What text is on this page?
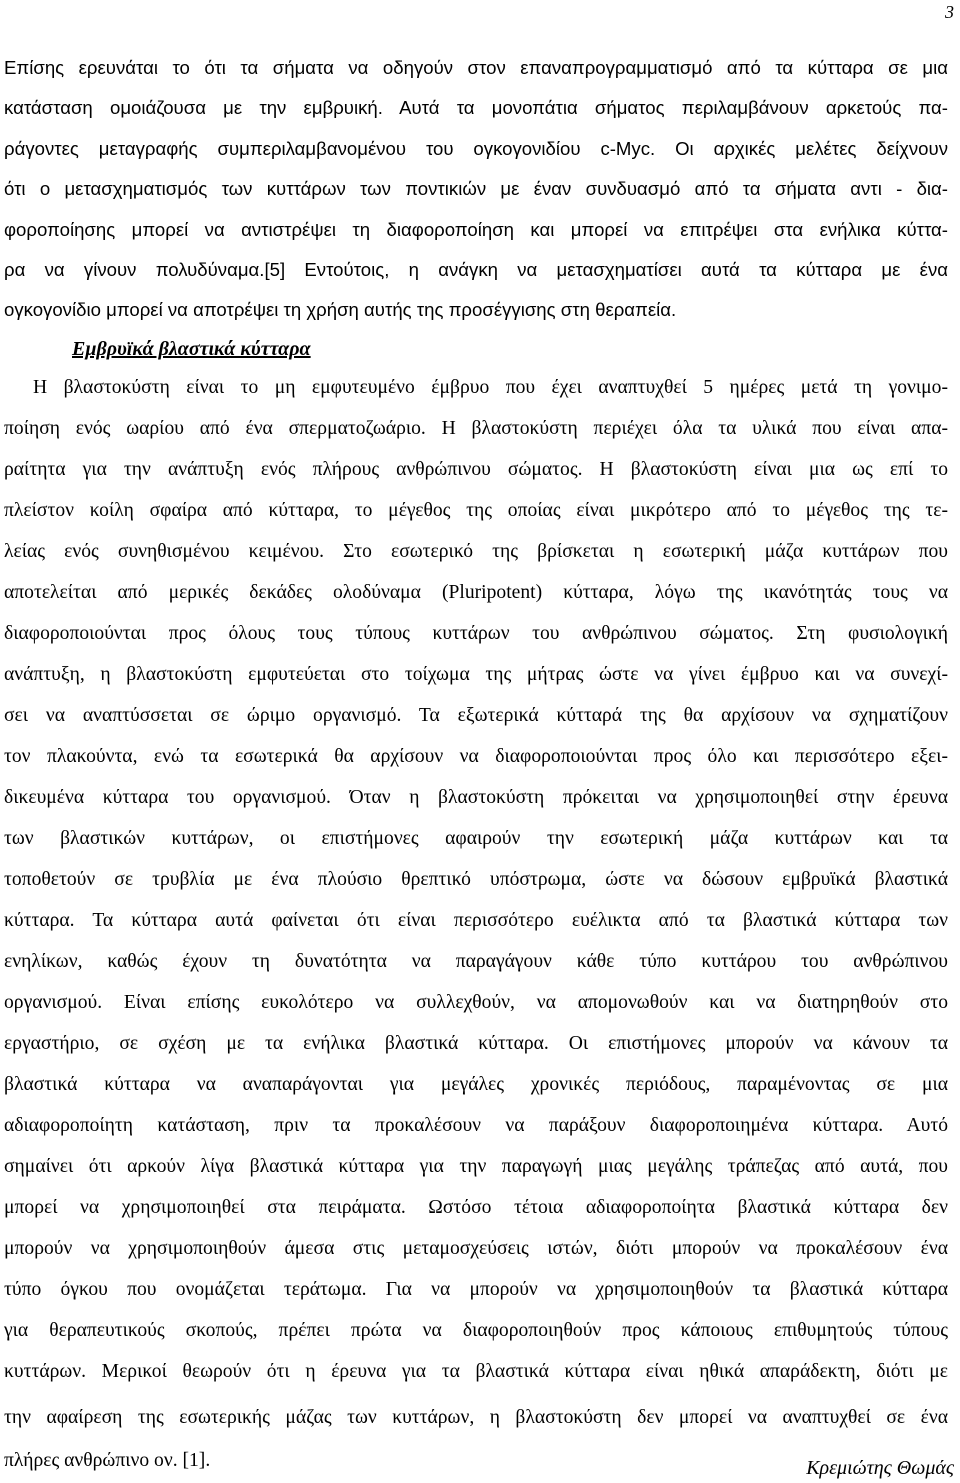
3
Επίσης ερευνάται το ότι τα σήματα να οδηγούν στον επαναπρογραμματισμό από τα κύτταρα σε μια
κατάσταση ομοιάζουσα με την εμβρυική. Αυτά τα μονοπάτια σήματος περιλαμβάνουν αρκετούς πα-
ράγοντες μεταγραφής συμπεριλαμβανομένου του ογκογονιδίου c-Myc. Οι αρχικές μελέτες δείχνουν
ότι ο μετασχηματισμός των κυττάρων των ποντικιών με έναν συνδυασμό από τα σήματα αντι - δια-
φοροποίησης μπορεί να αντιστρέψει τη διαφοροποίηση και μπορεί να επιτρέψει στα ενήλικα κύττα-
ρα να γίνουν πολυδύναμα.[5] Εντούτοις, η ανάγκη να μετασχηματίσει αυτά τα κύτταρα με ένα
ογκογονίδιο μπορεί να αποτρέψει τη χρήση αυτής της προσέγγισης στη θεραπεία.
Εμβρυϊκά βλαστικά κύτταρα
Η βλαστοκύστη είναι το μη εμφυτευμένο έμβρυο που έχει αναπτυχθεί 5 ημέρες μετά τη γονιμο-
ποίηση ενός ωαρίου από ένα σπερματοζωάριο. Η βλαστοκύστη περιέχει όλα τα υλικά που είναι απα-
ραίτητα για την ανάπτυξη ενός πλήρους ανθρώπινου σώματος. Η βλαστοκύστη είναι μια ως επί το
πλείστον κοίλη σφαίρα από κύτταρα, το μέγεθος της οποίας είναι μικρότερο από το μέγεθος της τε-
λείας ενός συνηθισμένου κειμένου. Στο εσωτερικό της βρίσκεται η εσωτερική μάζα κυττάρων που
αποτελείται από μερικές δεκάδες ολοδύναμα (Pluripotent) κύτταρα, λόγω της ικανότητάς τους να
διαφοροποιούνται προς όλους τους τύπους κυττάρων του ανθρώπινου σώματος. Στη φυσιολογική
ανάπτυξη, η βλαστοκύστη εμφυτεύεται στο τοίχωμα της μήτρας ώστε να γίνει έμβρυο και να συνεχί-
σει να αναπτύσσεται σε ώριμο οργανισμό. Τα εξωτερικά κύτταρά της θα αρχίσουν να σχηματίζουν
τον πλακούντα, ενώ τα εσωτερικά θα αρχίσουν να διαφοροποιούνται προς όλο και περισσότερο εξει-
δικευμένα κύτταρα του οργανισμού. Όταν η βλαστοκύστη πρόκειται να χρησιμοποιηθεί στην έρευνα
των βλαστικών κυττάρων, οι επιστήμονες αφαιρούν την εσωτερική μάζα κυττάρων και τα
τοποθετούν σε τρυβλία με ένα πλούσιο θρεπτικό υπόστρωμα, ώστε να δώσουν εμβρυϊκά βλαστικά
κύτταρα. Τα κύτταρα αυτά φαίνεται ότι είναι περισσότερο ευέλικτα από τα βλαστικά κύτταρα των
ενηλίκων, καθώς έχουν τη δυνατότητα να παραγάγουν κάθε τύπο κυττάρου του ανθρώπινου
οργανισμού. Είναι επίσης ευκολότερο να συλλεχθούν, να απομονωθούν και να διατηρηθούν στο
εργαστήριο, σε σχέση με τα ενήλικα βλαστικά κύτταρα. Οι επιστήμονες μπορούν να κάνουν τα
βλαστικά κύτταρα να αναπαράγονται για μεγάλες χρονικές περιόδους, παραμένοντας σε μια
αδιαφοροποίητη κατάσταση, πριν τα προκαλέσουν να παράξουν διαφοροποιημένα κύτταρα. Αυτό
σημαίνει ότι αρκούν λίγα βλαστικά κύτταρα για την παραγωγή μιας μεγάλης τράπεζας από αυτά, που
μπορεί να χρησιμοποιηθεί στα πειράματα. Ωστόσο τέτοια αδιαφοροποίητα βλαστικά κύτταρα δεν
μπορούν να χρησιμοποιηθούν άμεσα στις μεταμοσχεύσεις ιστών, διότι μπορούν να προκαλέσουν ένα
τύπο όγκου που ονομάζεται τεράτωμα. Για να μπορούν να χρησιμοποιηθούν τα βλαστικά κύτταρα
για θεραπευτικούς σκοπούς, πρέπει πρώτα να διαφοροποιηθούν προς κάποιους επιθυμητούς τύπους
κυττάρων. Μερικοί θεωρούν ότι η έρευνα για τα βλαστικά κύτταρα είναι ηθικά απαράδεκτη, διότι με
την αφαίρεση της εσωτερικής μάζας των κυττάρων, η βλαστοκύστη δεν μπορεί να αναπτυχθεί σε ένα
πλήρες ανθρώπινο ον. [1].	Κρεμιώτης Θωμάς
